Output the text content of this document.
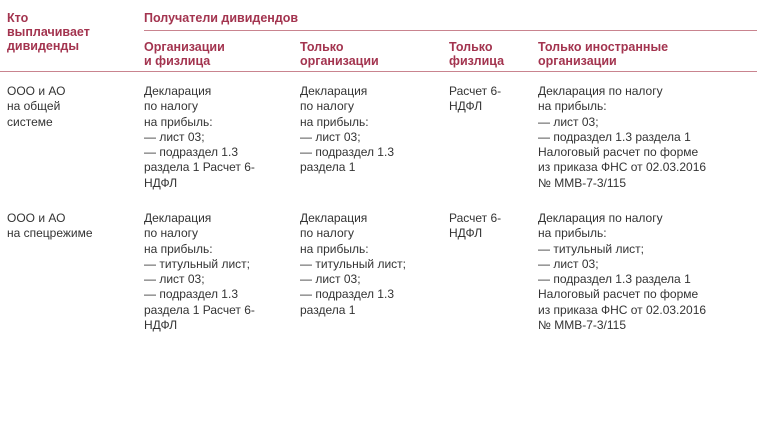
Кто
выплачивает
дивиденды
Получатели дивидендов
Организации
и физлица
Только
организации
Только
физлица
Только иностранные
организации
ООО и АО
на общей
системе
Декларация
по налогу
на прибыль:
— лист 03;
— подраздел 1.3
раздела 1 Расчет 6-
НДФЛ
Декларация
по налогу
на прибыль:
— лист 03;
— подраздел 1.3
раздела 1
Расчет 6-
НДФЛ
Декларация по налогу
на прибыль:
— лист 03;
— подраздел 1.3 раздела 1
Налоговый расчет по форме
из приказа ФНС от 02.03.2016
№ ММВ-7-3/115
ООО и АО
на спецрежиме
Декларация
по налогу
на прибыль:
— титульный лист;
— лист 03;
— подраздел 1.3
раздела 1 Расчет 6-
НДФЛ
Декларация
по налогу
на прибыль:
— титульный лист;
— лист 03;
— подраздел 1.3
раздела 1
Расчет 6-
НДФЛ
Декларация по налогу
на прибыль:
— титульный лист;
— лист 03;
— подраздел 1.3 раздела 1
Налоговый расчет по форме
из приказа ФНС от 02.03.2016
№ ММВ-7-3/115
